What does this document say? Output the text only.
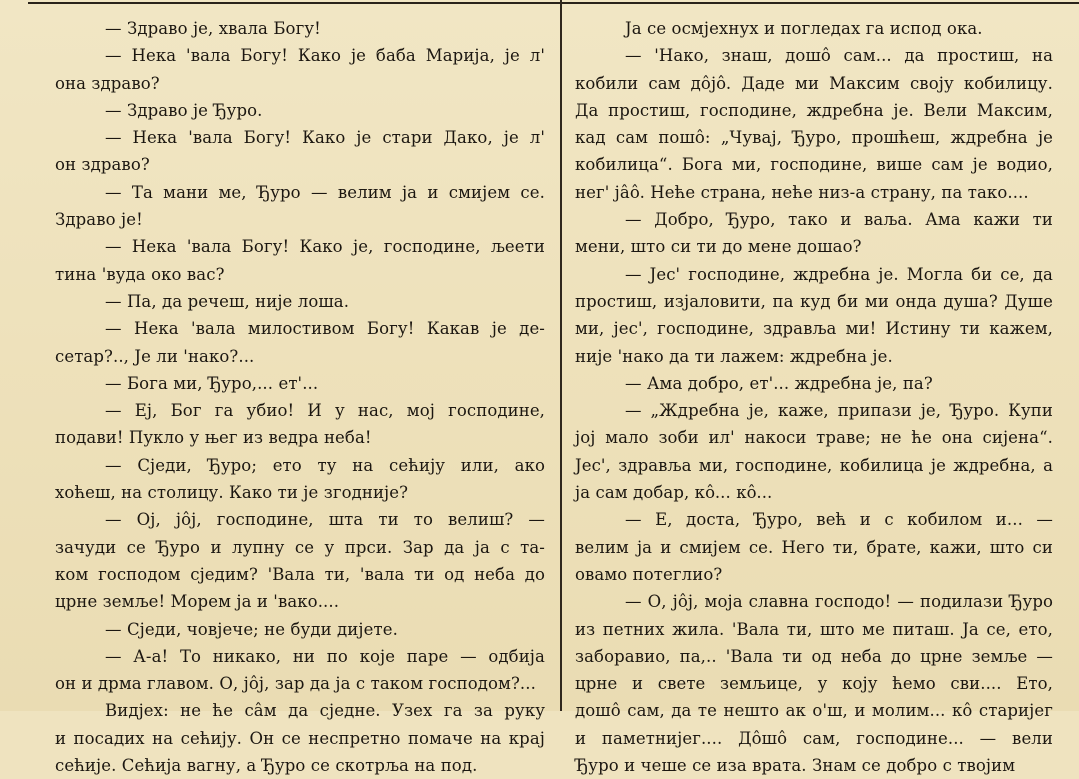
— Здраво је, хвала Богу!
— Нека 'вала Богу! Како је баба Марија, је л'
она здраво?
— Здраво је Ђуро.
— Нека 'вала Богу! Како је стари Дако, је л'
он здраво?
— Та мани ме, Ђуро — велим ја и смијем се.
Здраво је!
— Нека 'вала Богу! Како је, господине, љеети
тина 'вуда око вас?
— Па, да речеш, није лоша.
— Нека 'вала милостивом Богу! Какав је де-
сетар?.., Је ли 'нако?...
— Бога ми, Ђуро,... ет'...
— Еј, Бог га убио! И у нас, мој господине,
подави! Пукло у њег из ведра неба!
— Сједи, Ђуро; ето ту на сећију или, ако
хоћеш, на столицу. Како ти је згодније?
— Ој, јôј, господине, шта ти то велиш? —
зачуди се Ђуро и лупну се у прси. Зар да ја с та-
ком господом сједим? 'Вала ти, 'вала ти од неба до
црне земље! Морем ја и 'вако....
— Сједи, човјече; не буди дијете.
— А-а! То никако, ни по које паре — одбија
он и дрма главом. О, јôј, зар да ја с таком господом?...
Видјех: не ће сâм да сједне. Узех га за руку
и посадих на сећију. Он се неспретно помаче на крај
сећије. Сећија вагну, а Ђуро се скотрља на под.
Ја се осмјехнух и погледах га испод ока.
— 'Нако, знаш, дошô сам... да простиш, на
кобили сам дôјô. Даде ми Максим своју кобилицу.
Да простиш, господине, ждребна је. Вели Максим,
кад сам пошô: „Чувај, Ђуро, прошћеш, ждребна је
кобилица“. Бога ми, господине, више сам је водио,
нег' јâô. Неће страна, неће низ-а страну, па тако....
— Добро, Ђуро, тако и ваља. Ама кажи ти
мени, што си ти до мене дошао?
— Јес' господине, ждребна је. Могла би се, да
простиш, изјаловити, па куд би ми онда душа? Душе
ми, јес', господине, здравља ми! Истину ти кажем,
није 'нако да ти лажем: ждребна је.
— Ама добро, ет'... ждребна је, па?
— „Ждребна је, каже, припази је, Ђуро. Купи
јој мало зоби ил' накоси траве; не ће она сијена“.
Јес', здравља ми, господине, кобилица је ждребна, а
ја сам добар, кô... кô...
— Е, доста, Ђуро, већ и с кобилом и... —
велим ја и смијем се. Него ти, брате, кажи, што си
овамо потеглио?
— О, јôј, моја славна господо! — подилази Ђуро
из петних жила. 'Вала ти, што ме питаш. Ја се, ето,
заборавио, па,.. 'Вала ти од неба до црне земље —
црне и свете земљице, у коју ћемо сви.... Ето,
дошô сам, да те нешто ак о'ш, и молим... кô старијег
и паметнијег.... Дôшô сам, господине... — вели
Ђуро и чеше се иза врата. Знам се добро с твојим
